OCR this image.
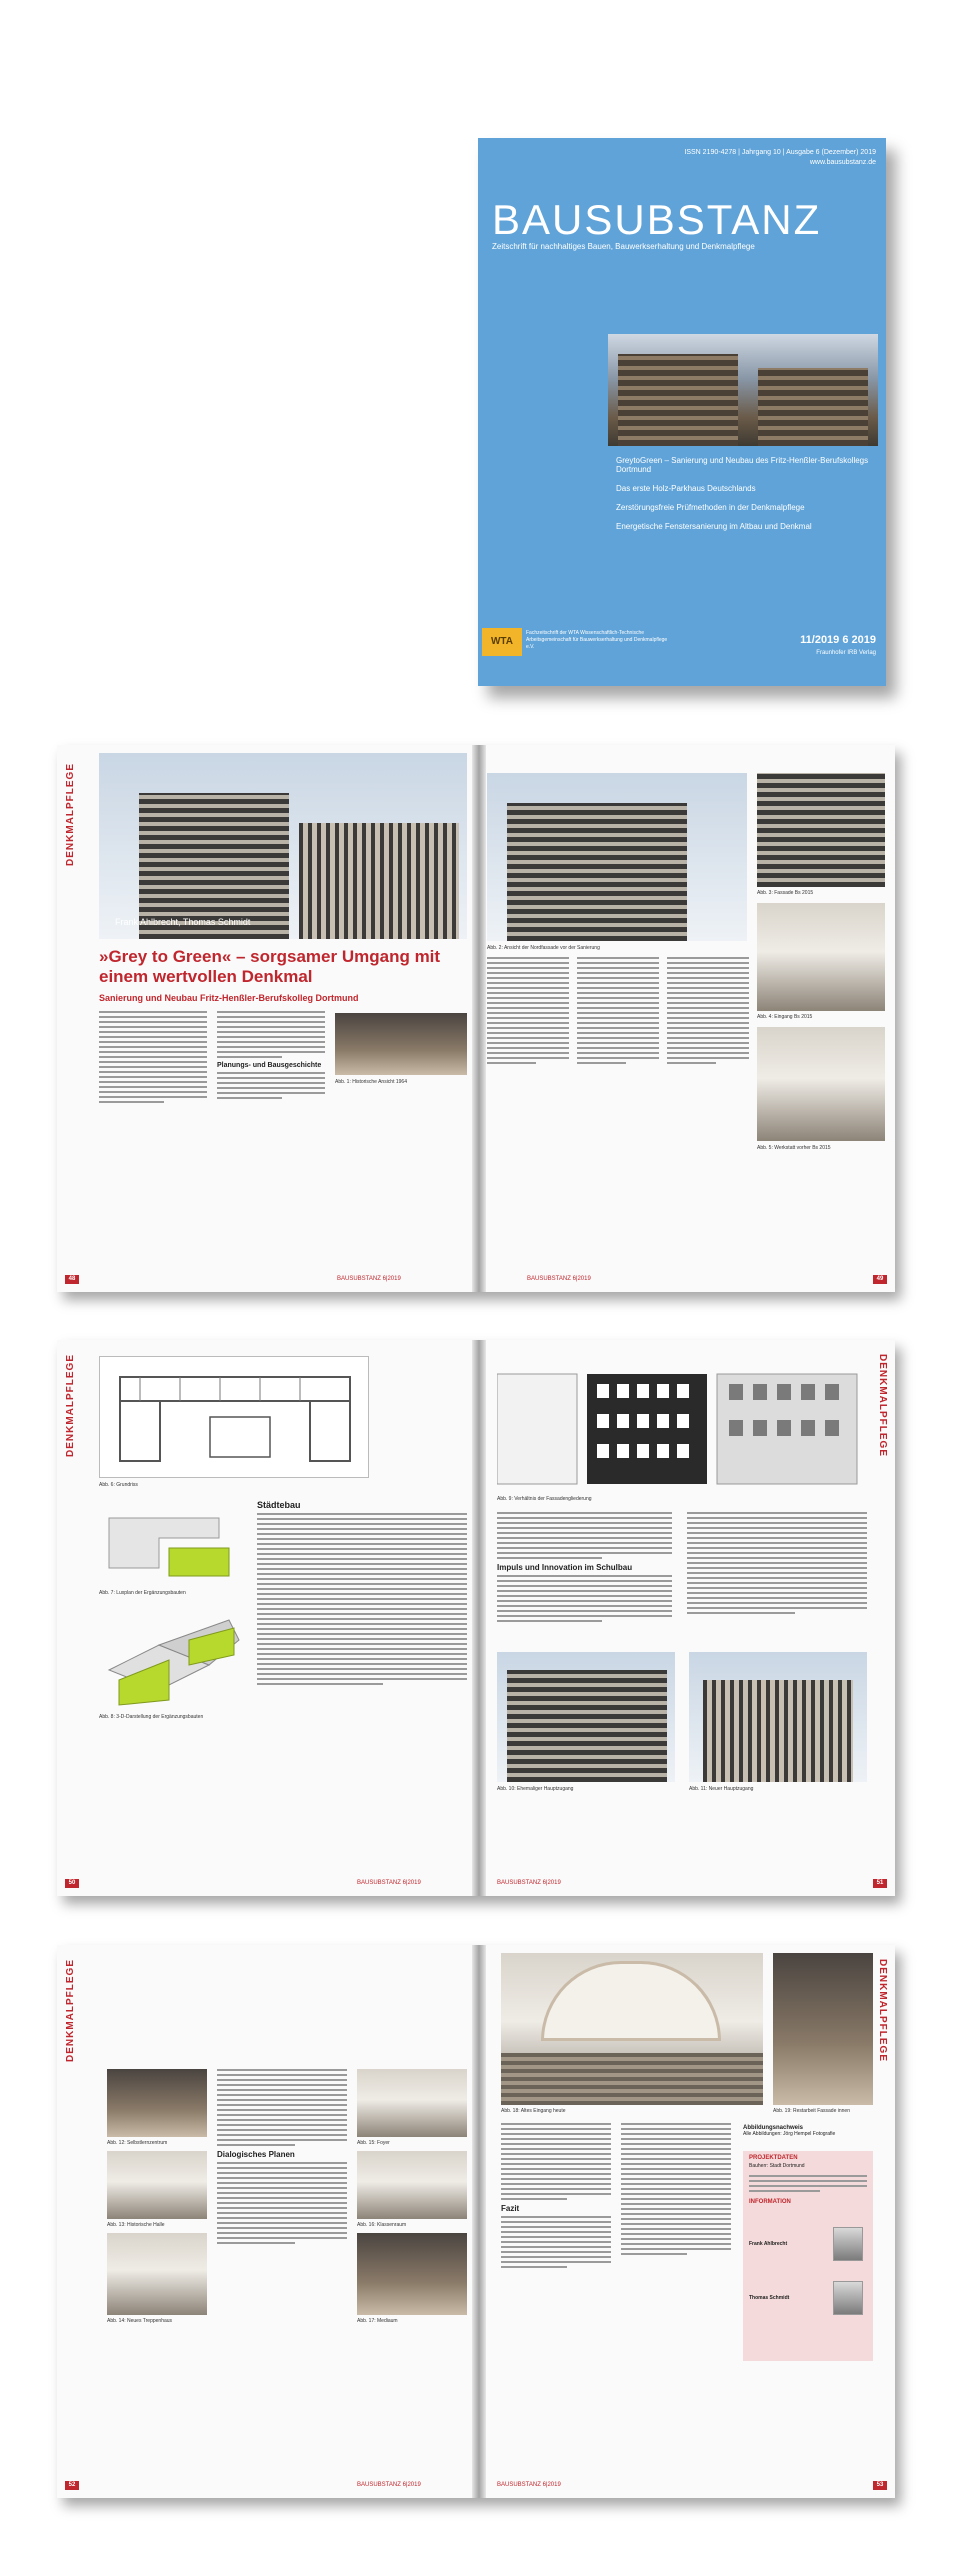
ISSN 2190-4278 | Jahrgang 10 | Ausgabe 6 (Dezember) 2019
www.bausubstanz.de
BAUSUBSTANZ
Zeitschrift für nachhaltiges Bauen, Bauwerkserhaltung und Denkmalpflege
GreytoGreen – Sanierung und Neubau des Fritz-Henßler-Berufskollegs Dortmund
Das erste Holz-Parkhaus Deutschlands
Zerstörungsfreie Prüfmethoden in der Denkmalpflege
Energetische Fenstersanierung im Altbau und Denkmal
WTA
Fachzeitschrift der WTA Wissenschaftlich-Technische Arbeitsgemeinschaft für Bauwerkserhaltung und Denkmalpflege e.V.
11/2019 6 2019
Fraunhofer IRB Verlag
DENKMALPFLEGE
Frank Ahlbrecht, Thomas Schmidt
»Grey to Green« – sorgsamer Umgang mit einem wertvollen Denkmal
Sanierung und Neubau Fritz-Henßler-Berufskolleg Dortmund
Planungs- und Bausgeschichte
Abb. 1: Historische Ansicht 1964
Abb. 2: Ansicht der Nordfassade vor der Sanierung
Abb. 3: Fassade Bs 2015
Abb. 4: Eingang Bs 2015
Abb. 5: Werkstatt vorher Bs 2015
48	BAUSUBSTANZ 6|2019	BAUSUBSTANZ 6|2019	49
DENKMALPFLEGE
Abb. 6: Grundriss
Abb. 7: Luxplan der Ergänzungsbauten
Abb. 8: 3-D-Darstellung der Ergänzungsbauten
Städtebau
DENKMALPFLEGE
Abb. 9: Verhältnis der Fassadengliederung
Impuls und Innovation im Schulbau
Abb. 10: Ehemaliger Hauptzugang	Abb. 11: Neuer Hauptzugang
50	BAUSUBSTANZ 6|2019	BAUSUBSTANZ 6|2019	51
DENKMALPFLEGE
Abb. 12: Selbstlernzentrum
Abb. 13: Historische Halle
Abb. 14: Neues Treppenhaus
Dialogisches Planen
Abb. 15: Foyer
Abb. 16: Klassenraum
Abb. 17: Mediaum
DENKMALPFLEGE
Abb. 18: Altes Eingang heute	Abb. 19: Restarbeit Fassade innen
Fazit
Abbildungsnachweis
Alle Abbildungen: Jörg Hempel Fotografie
PROJEKTDATEN
Bauherr: Stadt Dortmund
INFORMATION
Frank Ahlbrecht
Thomas Schmidt
52	BAUSUBSTANZ 6|2019	BAUSUBSTANZ 6|2019	53
